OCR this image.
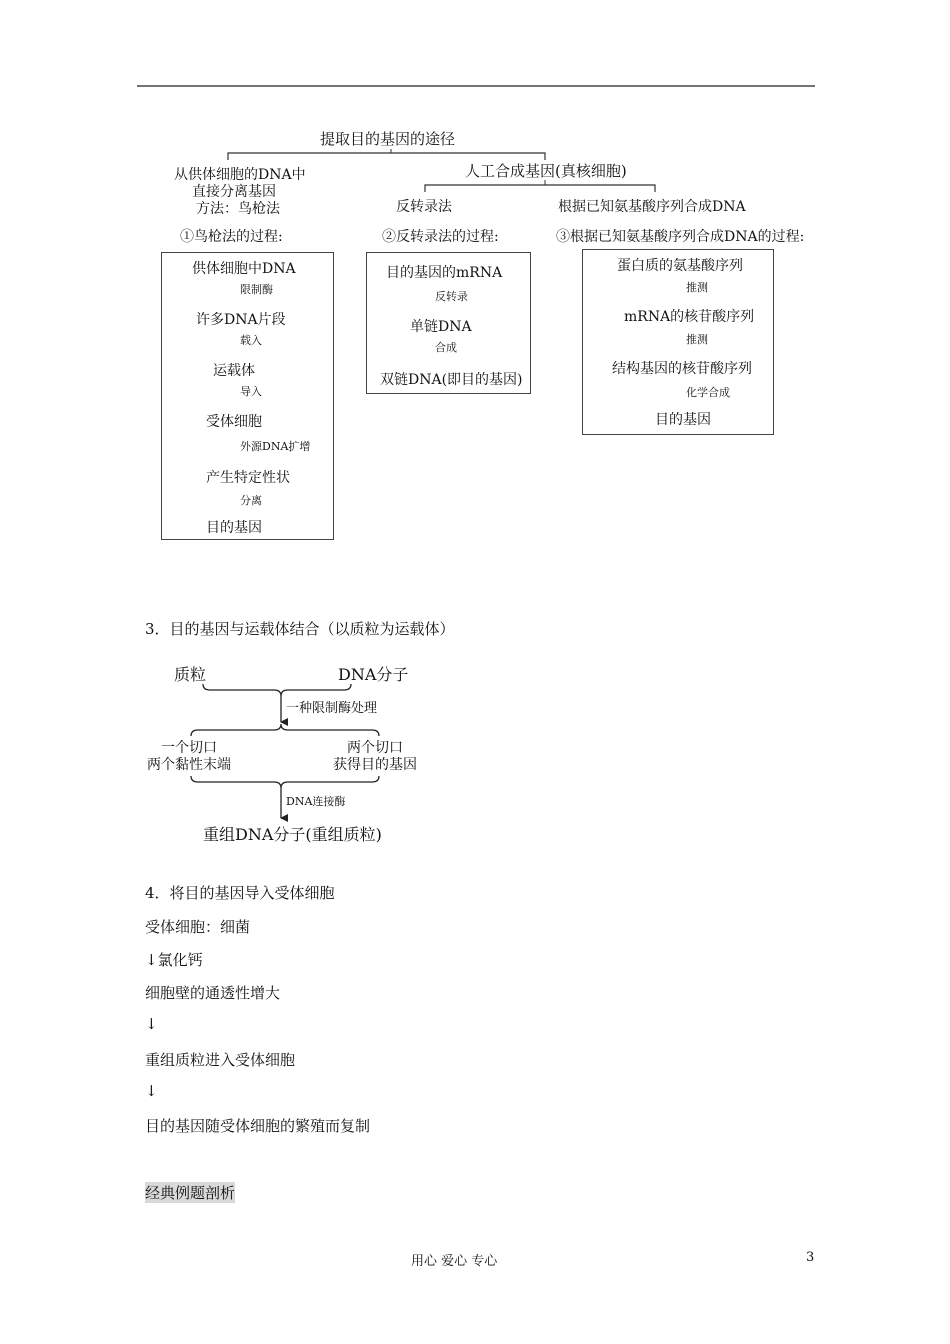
提取目的基因的途径
人工合成基因(真核细胞)
从供体细胞的DNA中
直接分离基因
方法：鸟枪法	反转录法	根据已知氨基酸序列合成DNA
①鸟枪法的过程:	②反转录法的过程:	③根据已知氨基酸序列合成DNA的过程:
供体细胞中DNA
限制酶
许多DNA片段
载入
运载体
导入
受体细胞
外源DNA扩增
产生特定性状
分离
目的基因
目的基因的mRNA
反转录
单链DNA
合成
双链DNA(即目的基因)
蛋白质的氨基酸序列
推测
mRNA的核苷酸序列
推测
结构基因的核苷酸序列
化学合成
目的基因
3．目的基因与运载体结合（以质粒为运载体）
质粒	DNA分子
一种限制酶处理
一个切口
两个黏性末端
两个切口
获得目的基因
DNA连接酶
重组DNA分子(重组质粒)
4．将目的基因导入受体细胞
受体细胞：细菌
↓氯化钙
细胞壁的通透性增大
↓
重组质粒进入受体细胞
↓
目的基因随受体细胞的繁殖而复制
经典例题剖析
用心 爱心 专心	3
